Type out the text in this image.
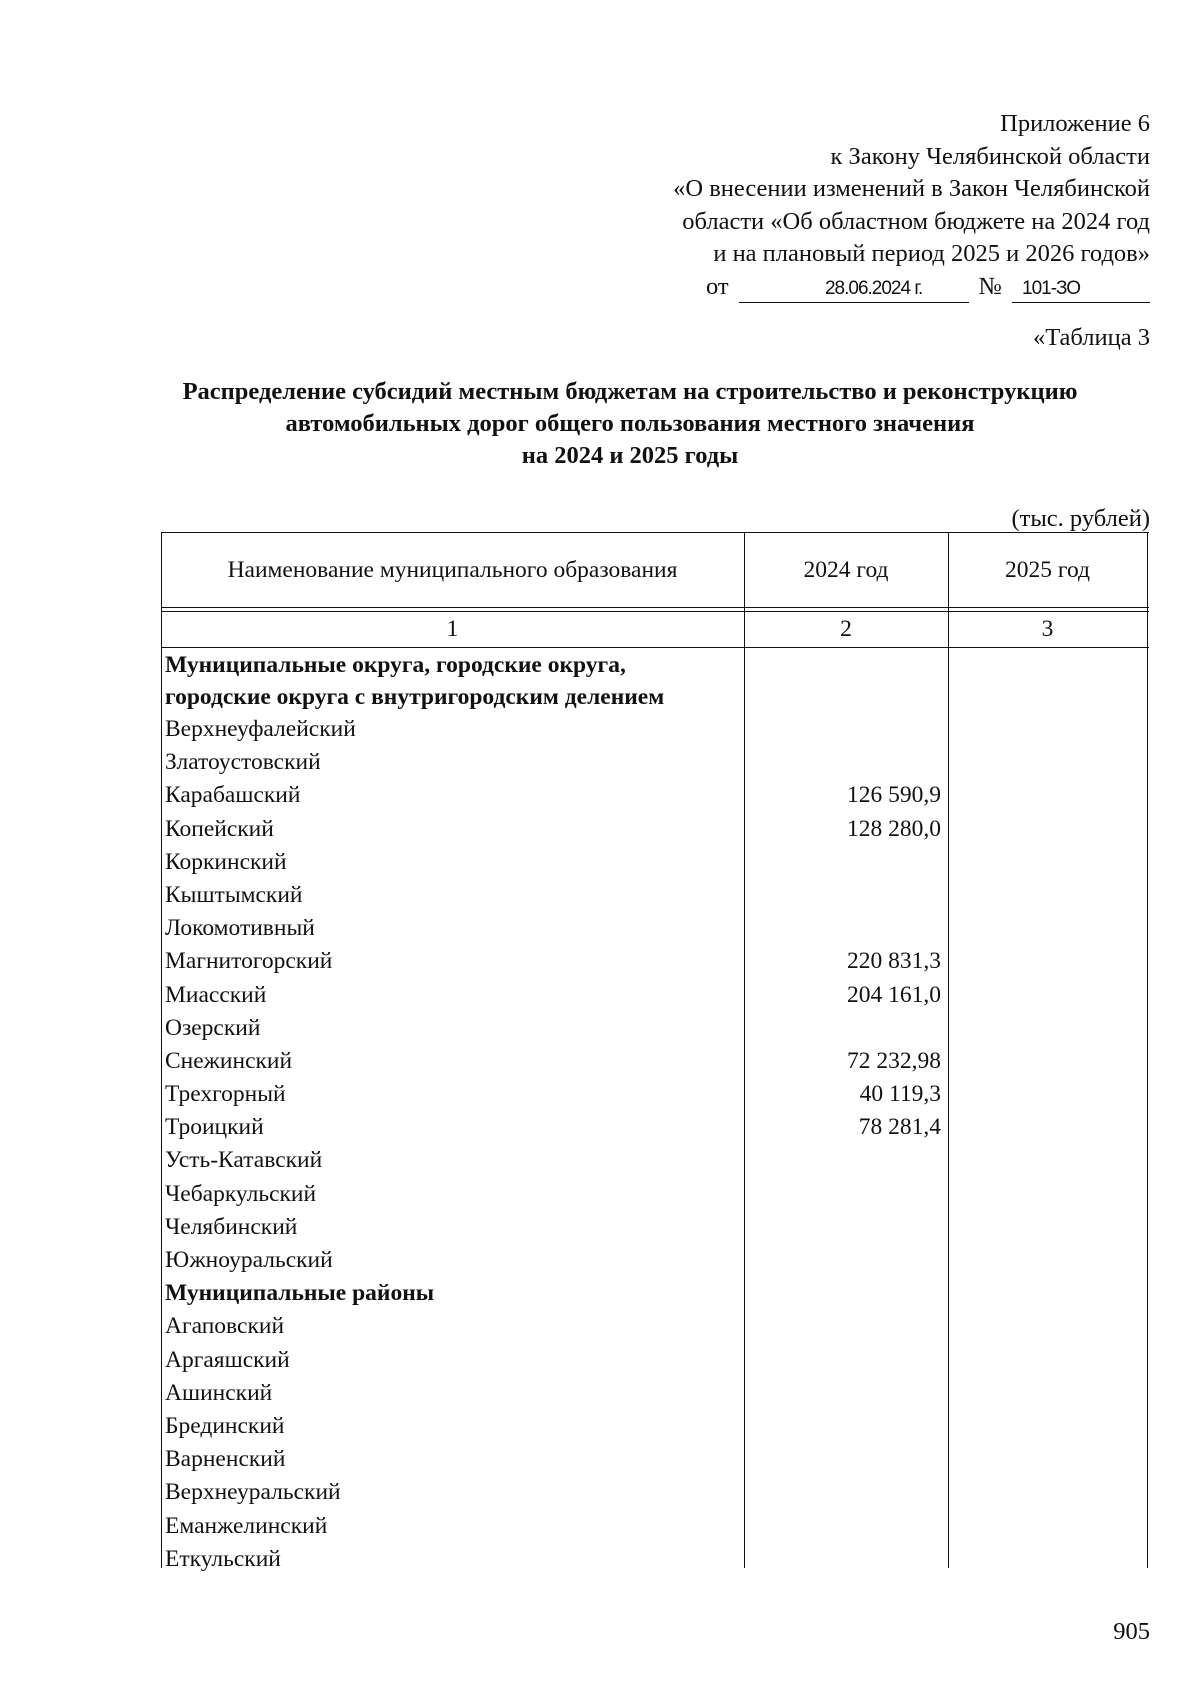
Приложение 6
к Закону Челябинской области
«О внесении изменений в Закон Челябинской
области «Об областном бюджете на 2024 год
и на плановый период 2025 и 2026 годов»
от	28.06.2024 г.	№	101-ЗО
«Таблица 3
Распределение субсидий местным бюджетам на строительство и реконструкцию
автомобильных дорог общего пользования местного значения
на 2024 и 2025 годы
(тыс. рублей)
Наименование муниципального образования	2024 год	2025 год
1	2	3
Муниципальные округа, городские округа,
городские округа с внутригородским делением
Верхнеуфалейский
Златоустовский
Карабашский	126 590,9
Копейский	128 280,0
Коркинский
Кыштымский
Локомотивный
Магнитогорский	220 831,3
Миасский	204 161,0
Озерский
Снежинский	72 232,98
Трехгорный	40 119,3
Троицкий	78 281,4
Усть-Катавский
Чебаркульский
Челябинский
Южноуральский
Муниципальные районы
Агаповский
Аргаяшский
Ашинский
Брединский
Варненский
Верхнеуральский
Еманжелинский
Еткульский
905
